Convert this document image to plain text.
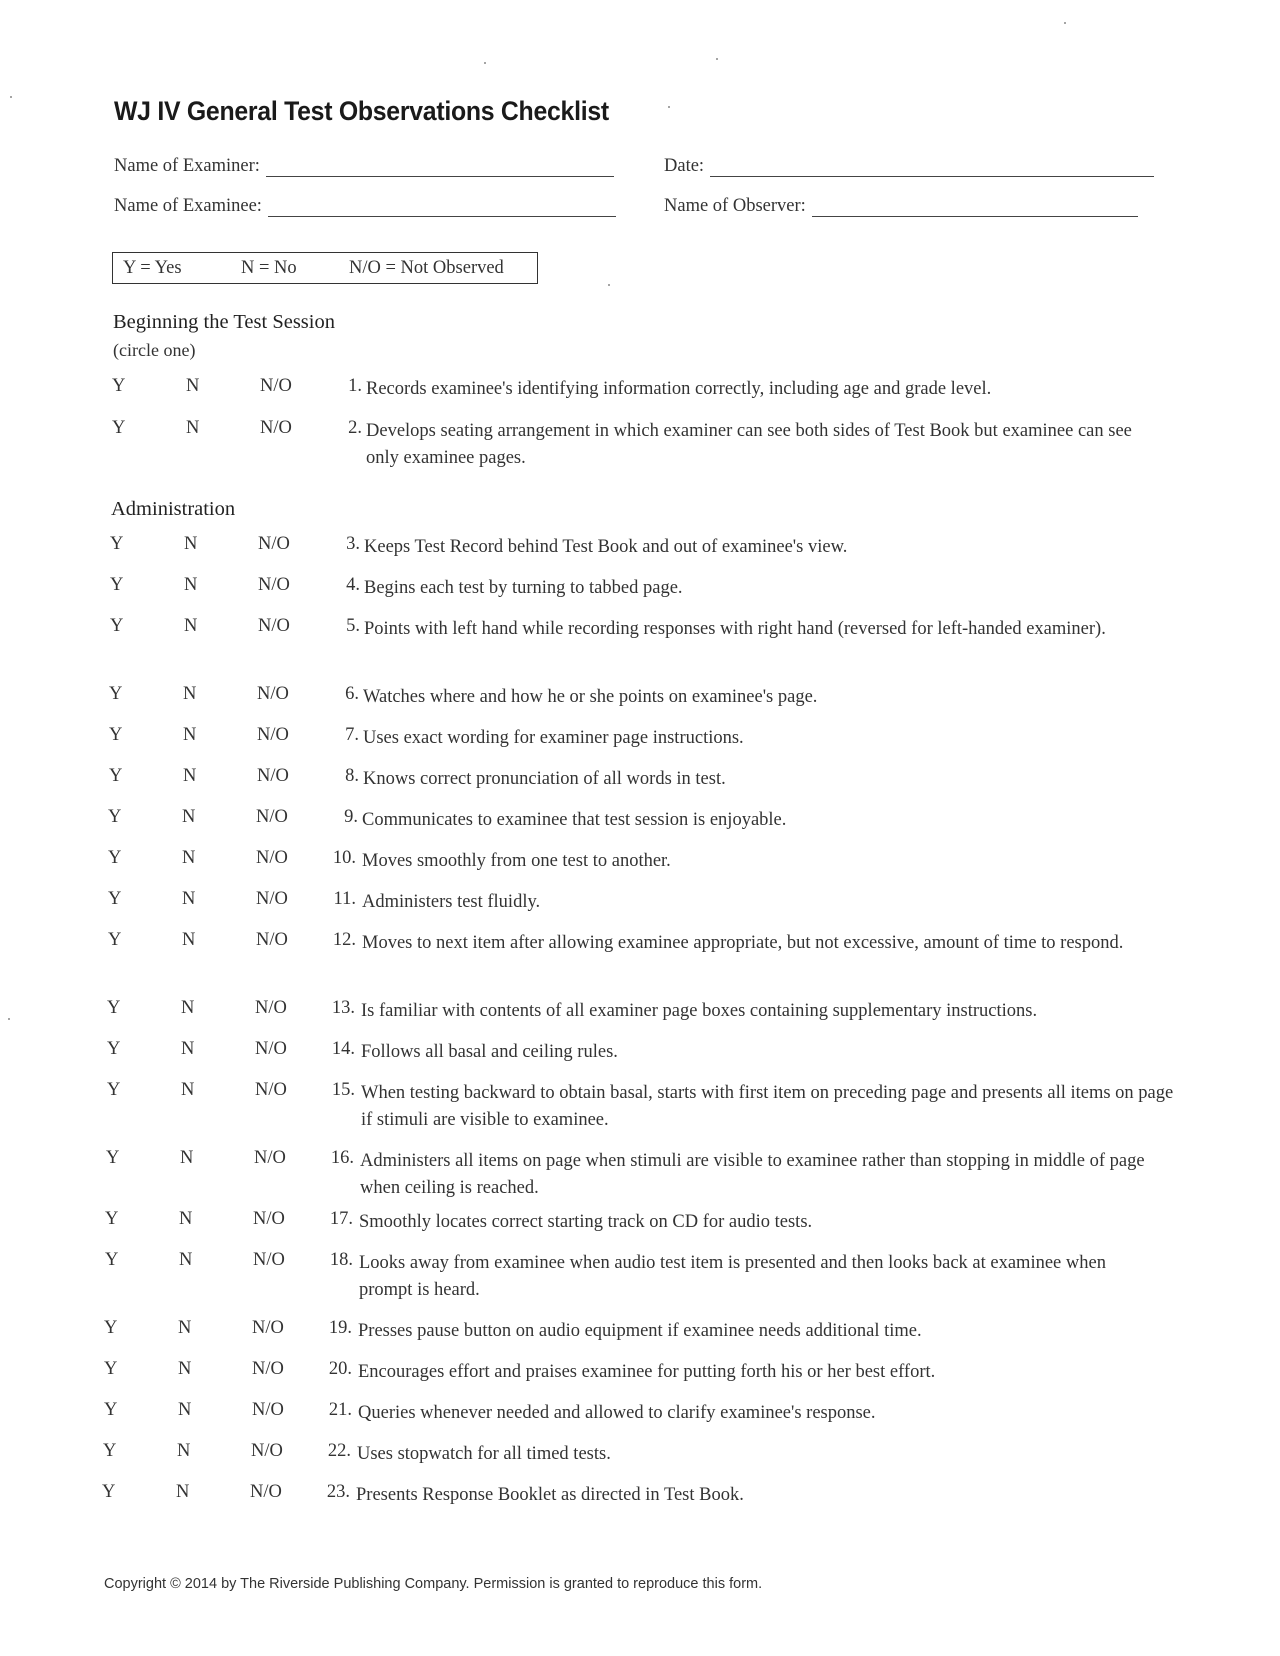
WJ IV General Test Observations Checklist
Name of Examiner:	Date:
Name of Examinee:	Name of Observer:
Y = Yes	N = No	N/O = Not Observed
Beginning the Test Session
(circle one)
Administration
Y	N	N/O	1. Records examinee's identifying information correctly, including age and grade level.
Y	N	N/O	2. Develops seating arrangement in which examiner can see both sides of Test Book but examinee can see only examinee pages.
Y	N	N/O	3. Keeps Test Record behind Test Book and out of examinee's view.
Y	N	N/O	4. Begins each test by turning to tabbed page.
Y	N	N/O	5. Points with left hand while recording responses with right hand (reversed for left-handed examiner).
Y	N	N/O	6. Watches where and how he or she points on examinee's page.
Y	N	N/O	7. Uses exact wording for examiner page instructions.
Y	N	N/O	8. Knows correct pronunciation of all words in test.
Y	N	N/O	9. Communicates to examinee that test session is enjoyable.
Y	N	N/O	10. Moves smoothly from one test to another.
Y	N	N/O	11. Administers test fluidly.
Y	N	N/O	12. Moves to next item after allowing examinee appropriate, but not excessive, amount of time to respond.
Y	N	N/O	13. Is familiar with contents of all examiner page boxes containing supplementary instructions.
Y	N	N/O	14. Follows all basal and ceiling rules.
Y	N	N/O	15. When testing backward to obtain basal, starts with first item on preceding page and presents all items on page if stimuli are visible to examinee.
Y	N	N/O	16. Administers all items on page when stimuli are visible to examinee rather than stopping in middle of page when ceiling is reached.
Y	N	N/O	17. Smoothly locates correct starting track on CD for audio tests.
Y	N	N/O	18. Looks away from examinee when audio test item is presented and then looks back at examinee when prompt is heard.
Y	N	N/O	19. Presses pause button on audio equipment if examinee needs additional time.
Y	N	N/O	20. Encourages effort and praises examinee for putting forth his or her best effort.
Y	N	N/O	21. Queries whenever needed and allowed to clarify examinee's response.
Y	N	N/O	22. Uses stopwatch for all timed tests.
Y	N	N/O	23. Presents Response Booklet as directed in Test Book.
Copyright © 2014 by The Riverside Publishing Company. Permission is granted to reproduce this form.
